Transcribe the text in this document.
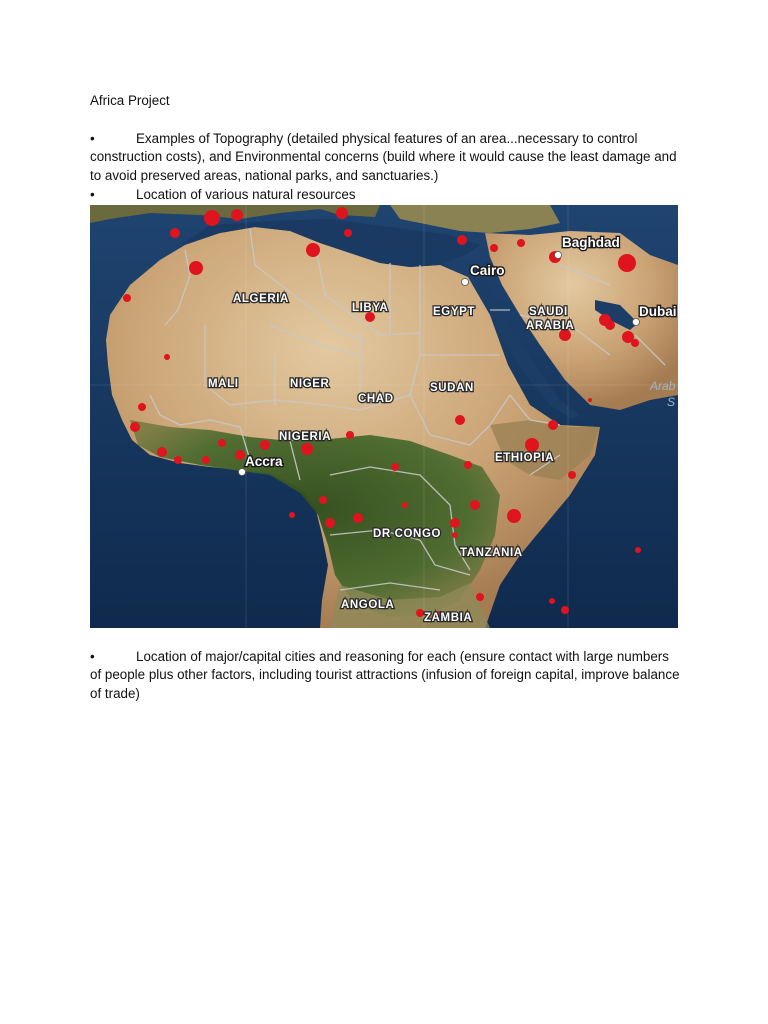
Africa Project
•	Examples of Topography (detailed physical features of an area...necessary to control construction costs), and Environmental concerns (build where it would cause the least damage and to avoid preserved areas, national parks, and sanctuaries.)
•	Location of various natural resources
ALGERIA
LIBYA	EGYPT	SAUDI
ARABIA
MALI	NIGER
CHAD
SUDAN
NIGERIA
ETHIOPIA
DR CONGO
TANZANIA
ANGOLA
ZAMBIA
Baghdad
Cairo
Dubai
Accra
Arab
S
•	Location of major/capital cities and reasoning for each (ensure contact with large numbers of people plus other factors, including tourist attractions (infusion of foreign capital, improve balance of trade)
